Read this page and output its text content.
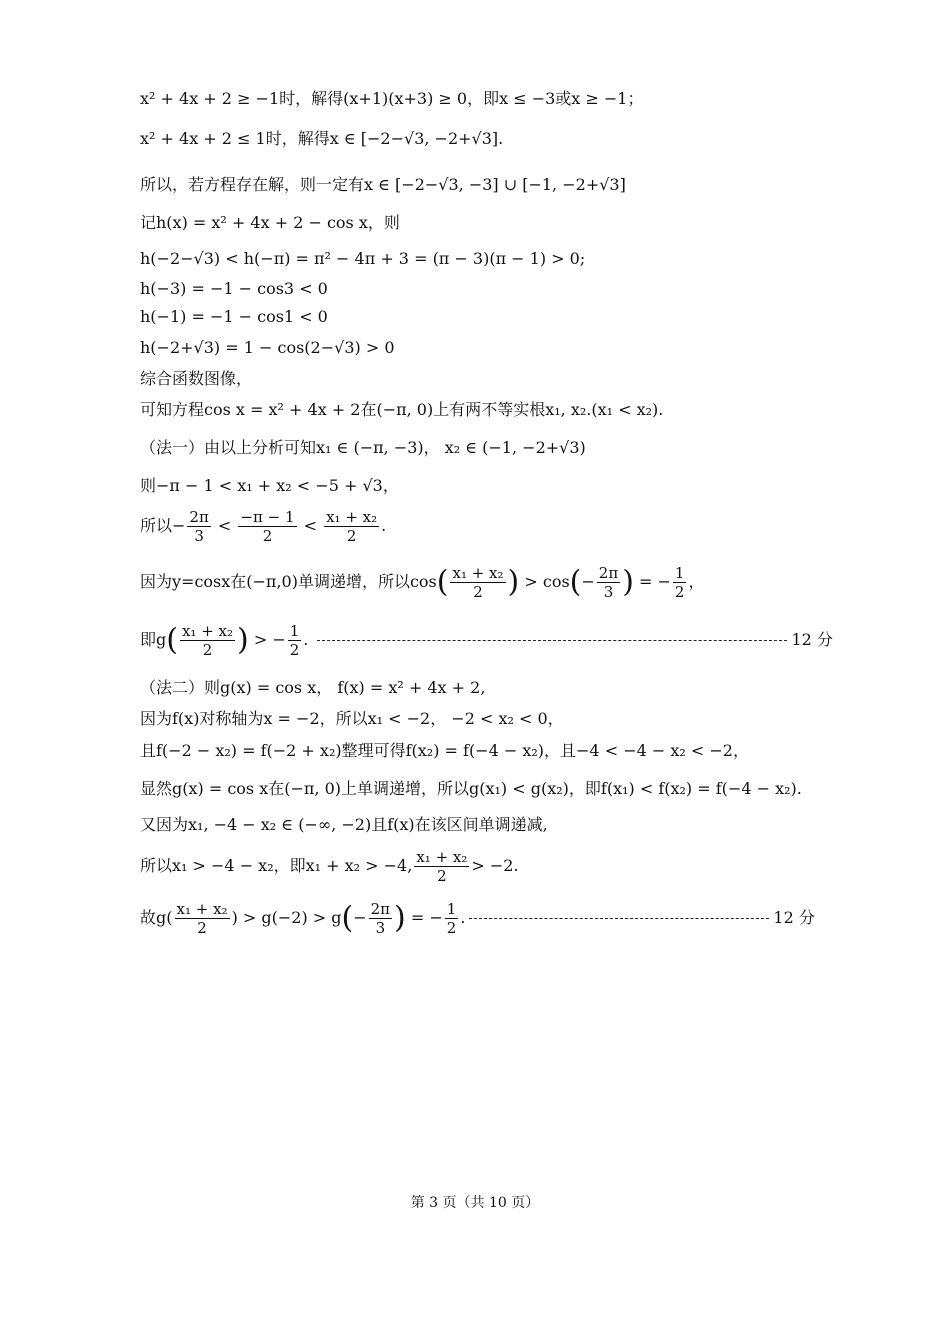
x² + 4x + 2 ≥ −1时，解得(x+1)(x+3) ≥ 0，即x ≤ −3或x ≥ −1；
x² + 4x + 2 ≤ 1时，解得x ∈ [−2−√3, −2+√3].
所以，若方程存在解，则一定有x ∈ [−2−√3, −3] ∪ [−1, −2+√3]
记h(x) = x² + 4x + 2 − cos x，则
h(−2−√3) < h(−π) = π² − 4π + 3 = (π − 3)(π − 1) > 0;
h(−3) = −1 − cos3 < 0
h(−1) = −1 − cos1 < 0
h(−2+√3) = 1 − cos(2−√3) > 0
综合函数图像，
可知方程cos x = x² + 4x + 2在(−π, 0)上有两不等实根x₁, x₂.(x₁ < x₂).
（法一）由以上分析可知x₁ ∈ (−π, −3)， x₂ ∈ (−1, −2+√3)
则−π − 1 < x₁ + x₂ < −5 + √3，
所以− $\frac{2\pi}{3} < \frac{-\pi - 1}{2} < \frac{\text{x₁ + x₂}}{2}$ .
因为y=cosx在(−π,0)单调递增，所以$\cos( \frac{\text{x₁ + x₂}}{2}$ ) > $\cos(- \frac{2\pi}{3}$ ) = − $\frac{1}{2}$ ，
即$g( \frac{\text{x₁ + x₂}}{2}$ ) > − $\frac{1}{2}$ .	12 分
（法二）则g(x) = cos x， f(x) = x² + 4x + 2,
因为f(x)对称轴为x = −2，所以x₁ < −2， −2 < x₂ < 0，
且f(−2 − x₂) = f(−2 + x₂)整理可得f(x₂) = f(−4 − x₂)，且−4 < −4 − x₂ < −2，
显然g(x) = cos x在(−π, 0)上单调递增，所以g(x₁) < g(x₂)，即f(x₁) < f(x₂) = f(−4 − x₂).
又因为x₁, −4 − x₂ ∈ (−∞, −2)且f(x)在该区间单调递减,
所以x₁ > −4 − x₂，即x₁ + x₂ > −4, $\frac{\text{x₁ + x₂}}{2} > -2$.
故$g( \frac{\text{x₁ + x₂}}{2}$ ) > $g(-2) > g(- \frac{2\pi}{3}$ ) = − $\frac{1}{2}$ .	12 分
第 3 页（共 10 页）
